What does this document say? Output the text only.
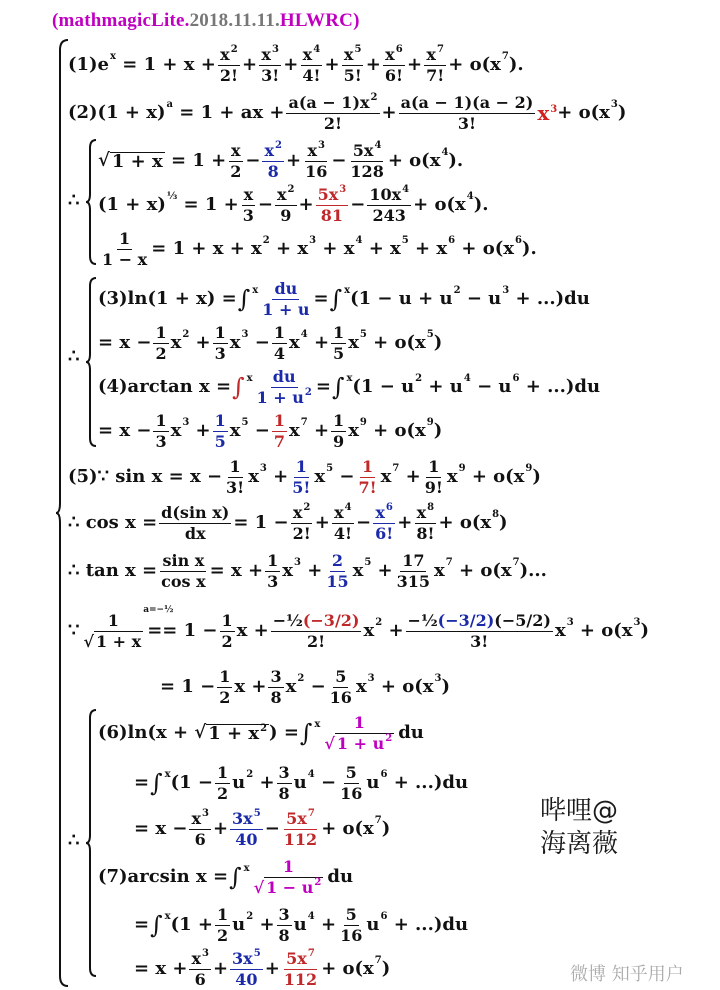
(mathmagicLite.2018.11.11.HLWRC)
(1)e $x = 1 + x + x^2$
2! + $x^3$
3! + $x^4$
4! + $x^5$
5! + $x^6$
6! + $x^7$
7! + o(x 7 ).
(2)(1 + x) a = 1 + ax + $a(a - 1)x^2$
2! + a(a − 1)(a − 2)
3!	$x^3 + o(x$ 3 )
∴
√ 1 + x = 1 + x
$2 - x^2$
$8 + x^3$
$16 - 5x^4$
128 + o(x 4 ).
(1 + x) ⅓ = 1 + x
$3 - x^2$
$9 + 5x^3$
$81 - 10x^4$
243 + o(x 4 ).
1
1 − x = 1 + x + x 2 + x 3 + x 4 + x 5 + x 6 + o(x 6 ).
∴
(3)ln(1 + x) = ∫ x du
1 + u = ∫ x (1 − u + u 2 − u 3 + ...)du
= x − 1
2 x 2 + 1
3 x 3 − 1
4 x 4 + 1
5 x 5 + o(x 5 )
(4)arctan x = ∫ x du
$1 + u^2$ = ∫ x (1 − u 2 + u 4 − u 6 + ...)du
= x − 1
3 x 3 + 1
5 x 5 − 1
7 x 7 + 1
9 x 9 + o(x 9 )
(5)∵ sin x = x − 1
3! x 3 + 1
5! x 5 − 1
7! x 7 + 1
9! x 9 + o(x 9 )
∴ cos x = d(sin x)
dx = $1 - x^2$
2! + $x^4$
4! − $x^6$
6! + $x^8$
8! + o(x 8 )
∴ tan x = sin x
cos x = x + 1
3 x 3 + 2
15 x 5 + 17
315 x 7 + o(x 7 )...
∵ 1
√ 1 + x
a=−½
== $1 - \frac{1}{2}$ x + −½(−3/2)
2! x 2 + −½(−3/2)(−5/2)
3!	x 3 + o(x 3 )
= 1 − 1
2 x + 3
8 x 2 − 5
16 x 3 + o(x 3 )
∴
(6)ln(x + √ $1 + x^2$ ) = ∫ x 1
√ $1 + u^2$ du
= ∫ x (1 − 1
2 u 2 + 3
8 u 4 − 5
16 u 6 + ...)du
= $x - x^3$
$6 + 3x^5$
$40 - 5x^7$
112 + o(x 7 )
(7)arcsin x = ∫ x 1
√ $1 - u^2$ du
= ∫ x (1 + 1
2 u 2 + 3
8 u 4 + 5
16 u 6 + ...)du
= $x + x^3$
$6 + 3x^5$
$40 + 5x^7$
112 + o(x 7 )
哔哩@
海离薇
微博 知乎用户
